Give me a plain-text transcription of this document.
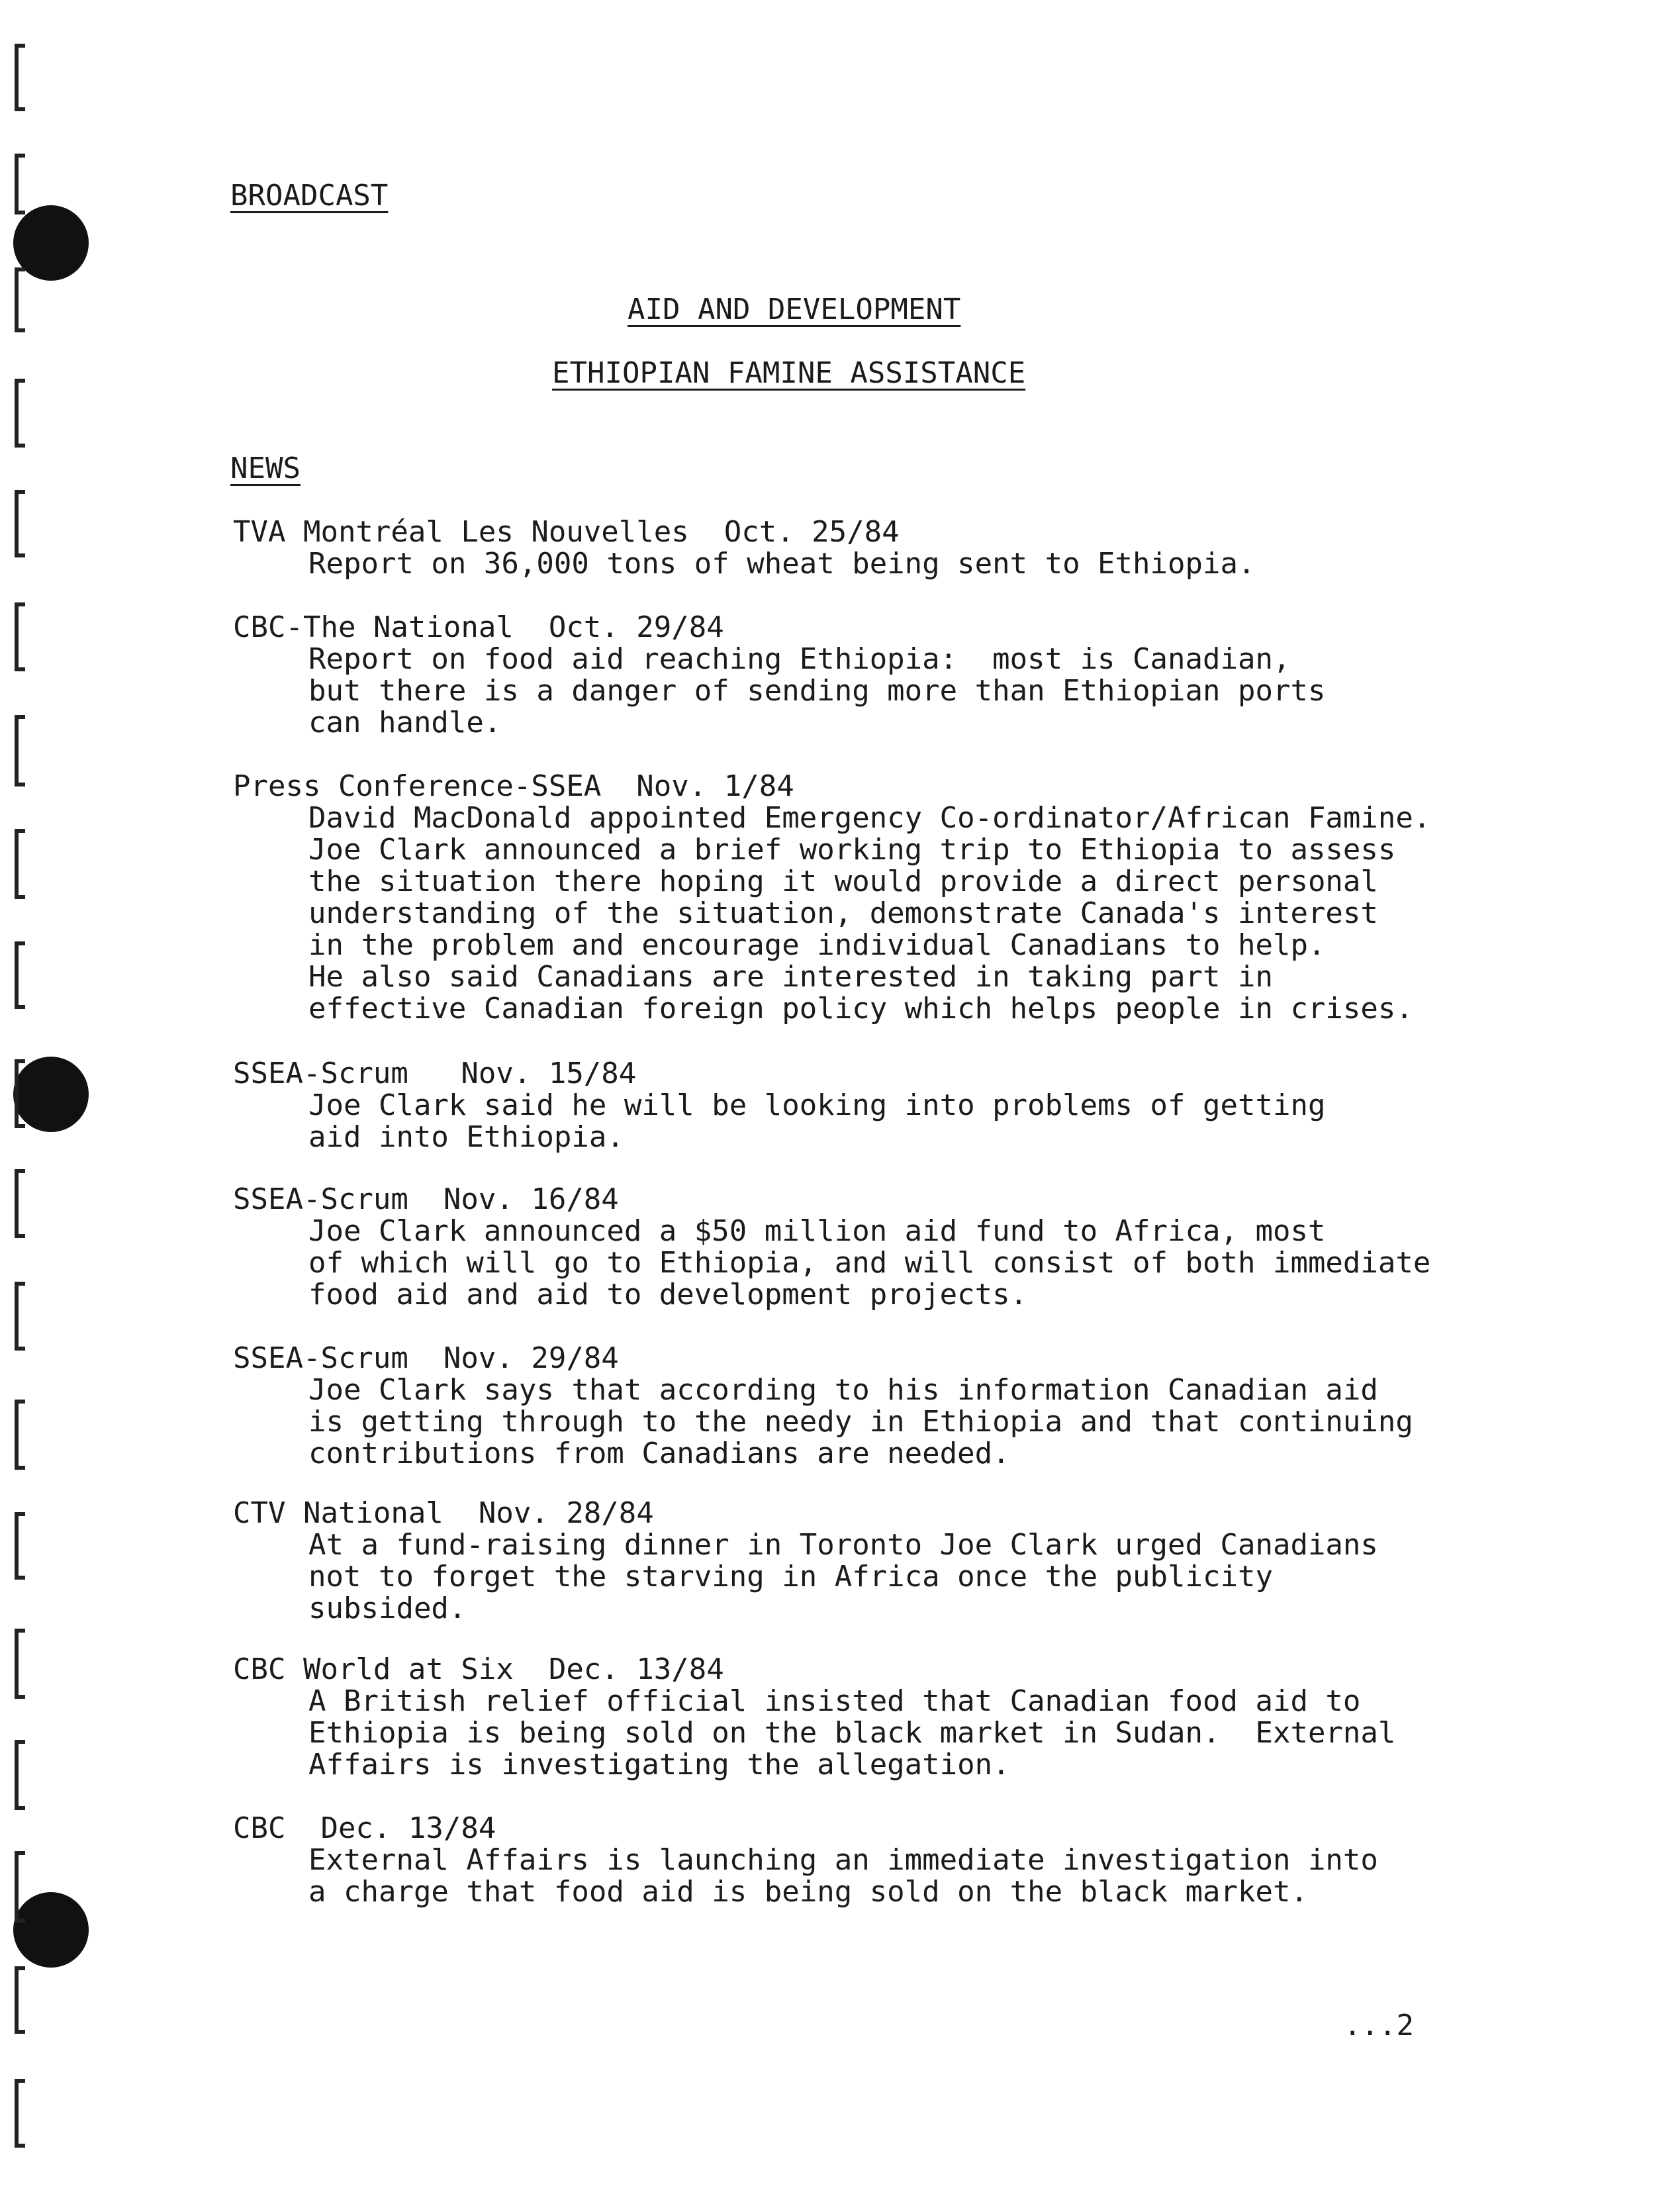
BROADCAST
AID AND DEVELOPMENT
ETHIOPIAN FAMINE ASSISTANCE
NEWS
TVA Montréal Les Nouvelles  Oct. 25/84
Report on 36,000 tons of wheat being sent to Ethiopia.
CBC-The National  Oct. 29/84
Report on food aid reaching Ethiopia:  most is Canadian,
but there is a danger of sending more than Ethiopian ports
can handle.
Press Conference-SSEA  Nov. 1/84
David MacDonald appointed Emergency Co-ordinator/African Famine.
Joe Clark announced a brief working trip to Ethiopia to assess
the situation there hoping it would provide a direct personal
understanding of the situation, demonstrate Canada's interest
in the problem and encourage individual Canadians to help.
He also said Canadians are interested in taking part in
effective Canadian foreign policy which helps people in crises.
SSEA-Scrum   Nov. 15/84
Joe Clark said he will be looking into problems of getting
aid into Ethiopia.
SSEA-Scrum  Nov. 16/84
Joe Clark announced a $50 million aid fund to Africa, most
of which will go to Ethiopia, and will consist of both immediate
food aid and aid to development projects.
SSEA-Scrum  Nov. 29/84
Joe Clark says that according to his information Canadian aid
is getting through to the needy in Ethiopia and that continuing
contributions from Canadians are needed.
CTV National  Nov. 28/84
At a fund-raising dinner in Toronto Joe Clark urged Canadians
not to forget the starving in Africa once the publicity
subsided.
CBC World at Six  Dec. 13/84
A British relief official insisted that Canadian food aid to
Ethiopia is being sold on the black market in Sudan.  External
Affairs is investigating the allegation.
CBC  Dec. 13/84
External Affairs is launching an immediate investigation into
a charge that food aid is being sold on the black market.
...2
